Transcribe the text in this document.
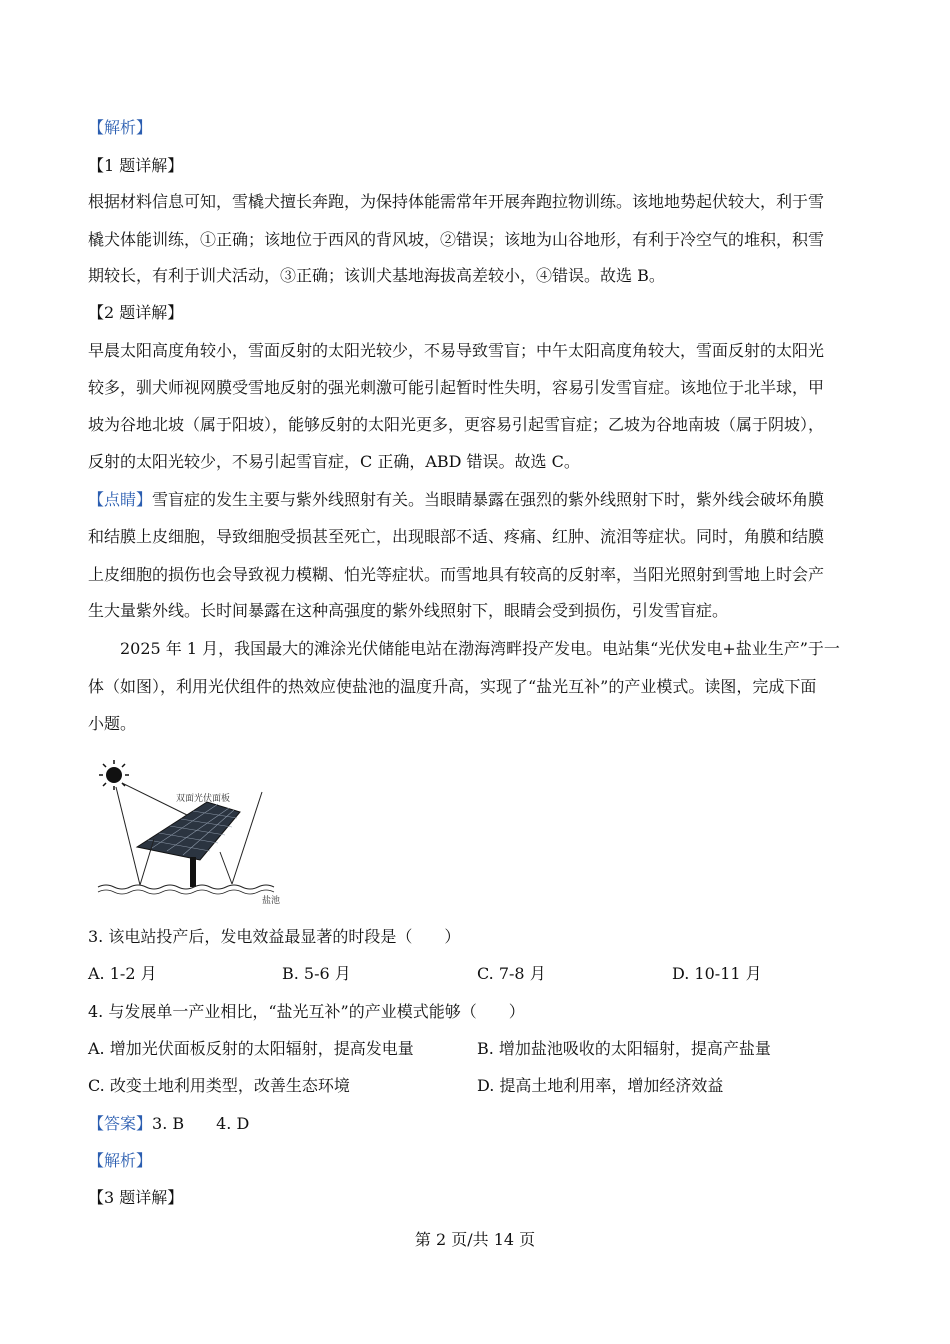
【解析】
【1 题详解】
根据材料信息可知，雪橇犬擅长奔跑，为保持体能需常年开展奔跑拉物训练。该地地势起伏较大，利于雪
橇犬体能训练，①正确；该地位于西风的背风坡，②错误；该地为山谷地形，有利于冷空气的堆积，积雪
期较长，有利于训犬活动，③正确；该训犬基地海拔高差较小，④错误。故选 B。
【2 题详解】
早晨太阳高度角较小，雪面反射的太阳光较少，不易导致雪盲；中午太阳高度角较大，雪面反射的太阳光
较多，驯犬师视网膜受雪地反射的强光刺激可能引起暂时性失明，容易引发雪盲症。该地位于北半球，甲
坡为谷地北坡（属于阳坡），能够反射的太阳光更多，更容易引起雪盲症；乙坡为谷地南坡（属于阴坡），
反射的太阳光较少，不易引起雪盲症，C 正确，ABD 错误。故选 C。
【点睛】雪盲症的发生主要与紫外线照射有关。当眼睛暴露在强烈的紫外线照射下时，紫外线会破坏角膜
和结膜上皮细胞，导致细胞受损甚至死亡，出现眼部不适、疼痛、红肿、流泪等症状。同时，角膜和结膜
上皮细胞的损伤也会导致视力模糊、怕光等症状。而雪地具有较高的反射率，当阳光照射到雪地上时会产
生大量紫外线。长时间暴露在这种高强度的紫外线照射下，眼睛会受到损伤，引发雪盲症。
2025 年 1 月，我国最大的滩涂光伏储能电站在渤海湾畔投产发电。电站集“光伏发电+盐业生产”于一
体（如图），利用光伏组件的热效应使盐池的温度升高，实现了“盐光互补”的产业模式。读图，完成下面
小题。
双面光伏面板
盐池
3. 该电站投产后，发电效益最显著的时段是（　　）
A. 1-2 月	B. 5-6 月	C. 7-8 月	D. 10-11 月
4. 与发展单一产业相比，“盐光互补”的产业模式能够（　　）
A. 增加光伏面板反射的太阳辐射，提高发电量	B. 增加盐池吸收的太阳辐射，提高产盐量
C. 改变土地利用类型，改善生态环境	D. 提高土地利用率，增加经济效益
【答案】3. B　　4. D
【解析】
【3 题详解】
第 2 页/共 14 页
